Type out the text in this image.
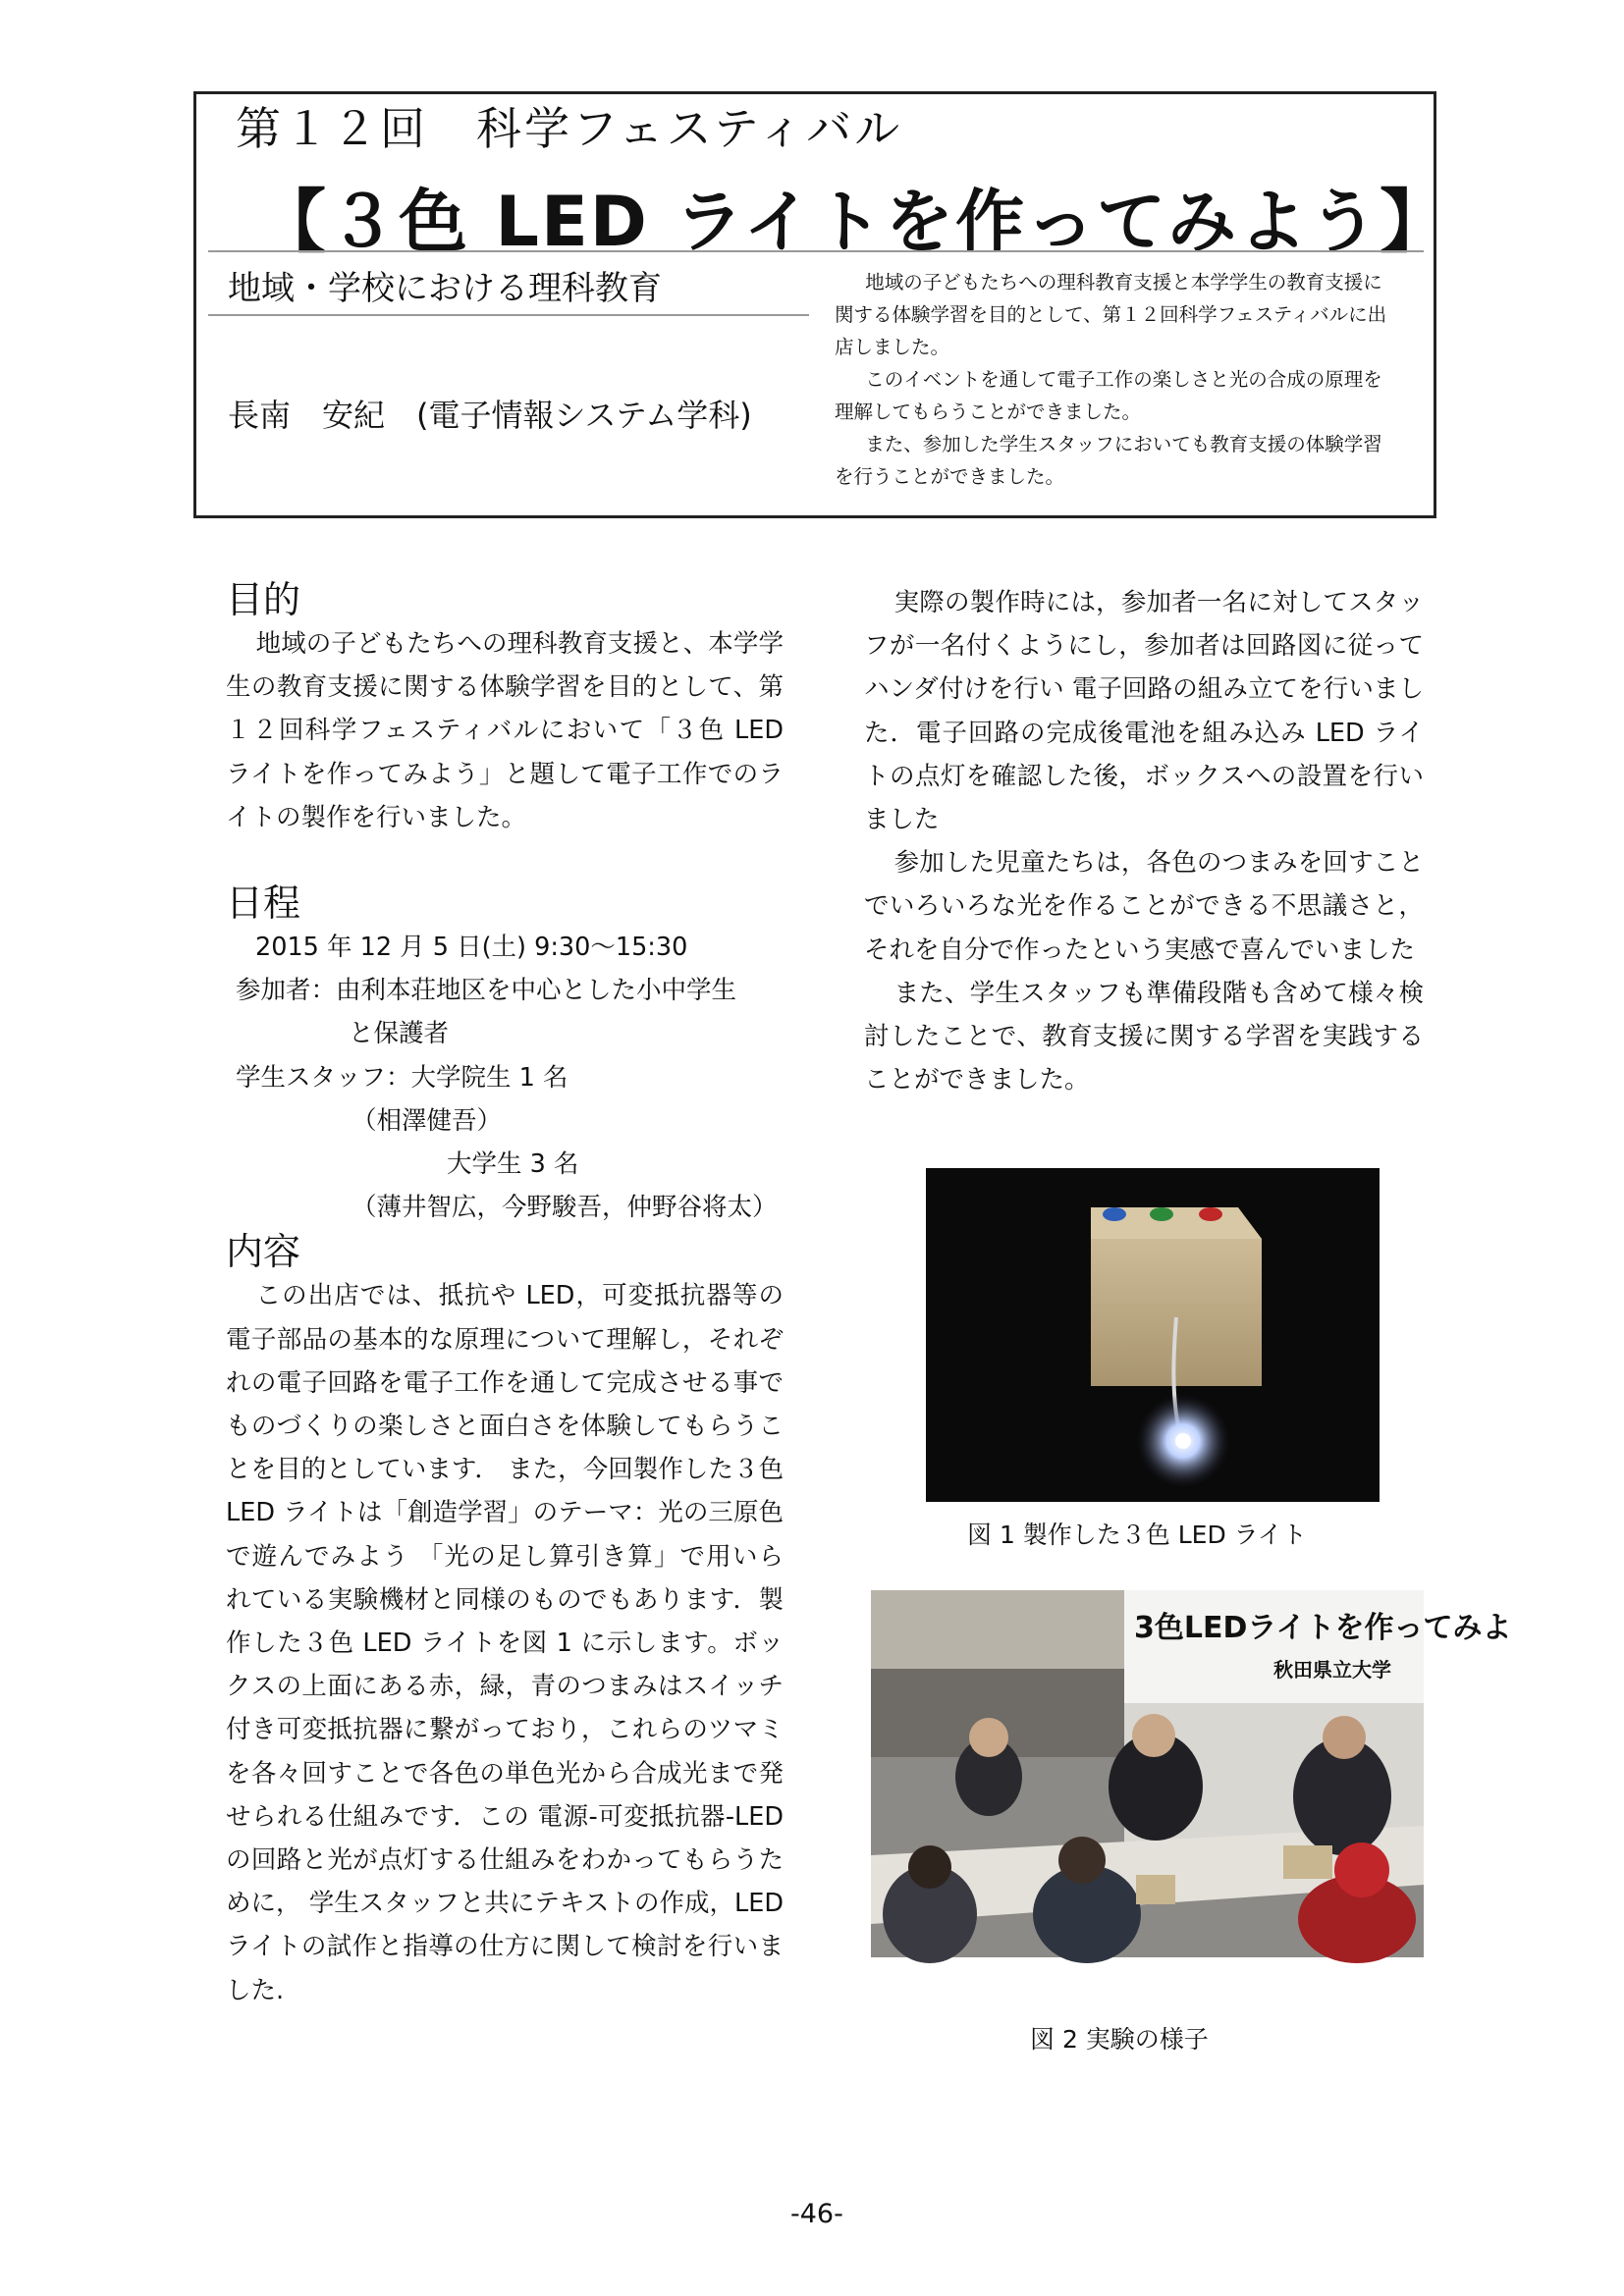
第１２回　科学フェスティバル
【３色 LED ライトを作ってみよう】
地域・学校における理科教育
長南　安紀　(電子情報システム学科)

地域の子どもたちへの理科教育支援と本学学生の教育支援に関する体験学習を目的として、第１２回科学フェスティバルに出店しました。

このイベントを通して電子工作の楽しさと光の合成の原理を理解してもらうことができました。

また、参加した学生スタッフにおいても教育支援の体験学習を行うことができました。

目的

地域の子どもたちへの理科教育支援と、本学学生の教育支援に関する体験学習を目的として、第１２回科学フェスティバルにおいて「３色 LED ライトを作ってみよう」と題して電子工作でのライトの製作を行いました。

日程

2015 年 12 月 5 日(土) 9:30～15:30

参加者：由利本荘地区を中心とした小中学生

と保護者

学生スタッフ：大学院生 1 名

（相澤健吾）

大学生 3 名

（薄井智広，今野駿吾，仲野谷将太）

内容

この出店では、抵抗や LED，可変抵抗器等の電子部品の基本的な原理について理解し，それぞれの電子回路を電子工作を通して完成させる事でものづくりの楽しさと面白さを体験してもらうことを目的としています． また，今回製作した３色 LED ライトは「創造学習」のテーマ：光の三原色で遊んでみよう 「光の足し算引き算」で用いられている実験機材と同様のものでもあります．製作した３色 LED ライトを図 1 に示します。ボックスの上面にある赤，緑，青のつまみはスイッチ付き可変抵抗器に繋がっており，これらのツマミを各々回すことで各色の単色光から合成光まで発せられる仕組みです．この 電源-可変抵抗器-LED の回路と光が点灯する仕組みをわかってもらうために， 学生スタッフと共にテキストの作成，LED ライトの試作と指導の仕方に関して検討を行いました.

実際の製作時には，参加者一名に対してスタッフが一名付くようにし，参加者は回路図に従ってハンダ付けを行い 電子回路の組み立てを行いました．電子回路の完成後電池を組み込み LED ライトの点灯を確認した後，ボックスへの設置を行いました

参加した児童たちは，各色のつまみを回すことでいろいろな光を作ることができる不思議さと，それを自分で作ったという実感で喜んでいました

また、学生スタッフも準備段階も含めて様々検討したことで、教育支援に関する学習を実践することができました。

図 1 製作した３色 LED ライト
3色LEDライトを作ってみよ
秋田県立大学
図 2 実験の様子
-46-
